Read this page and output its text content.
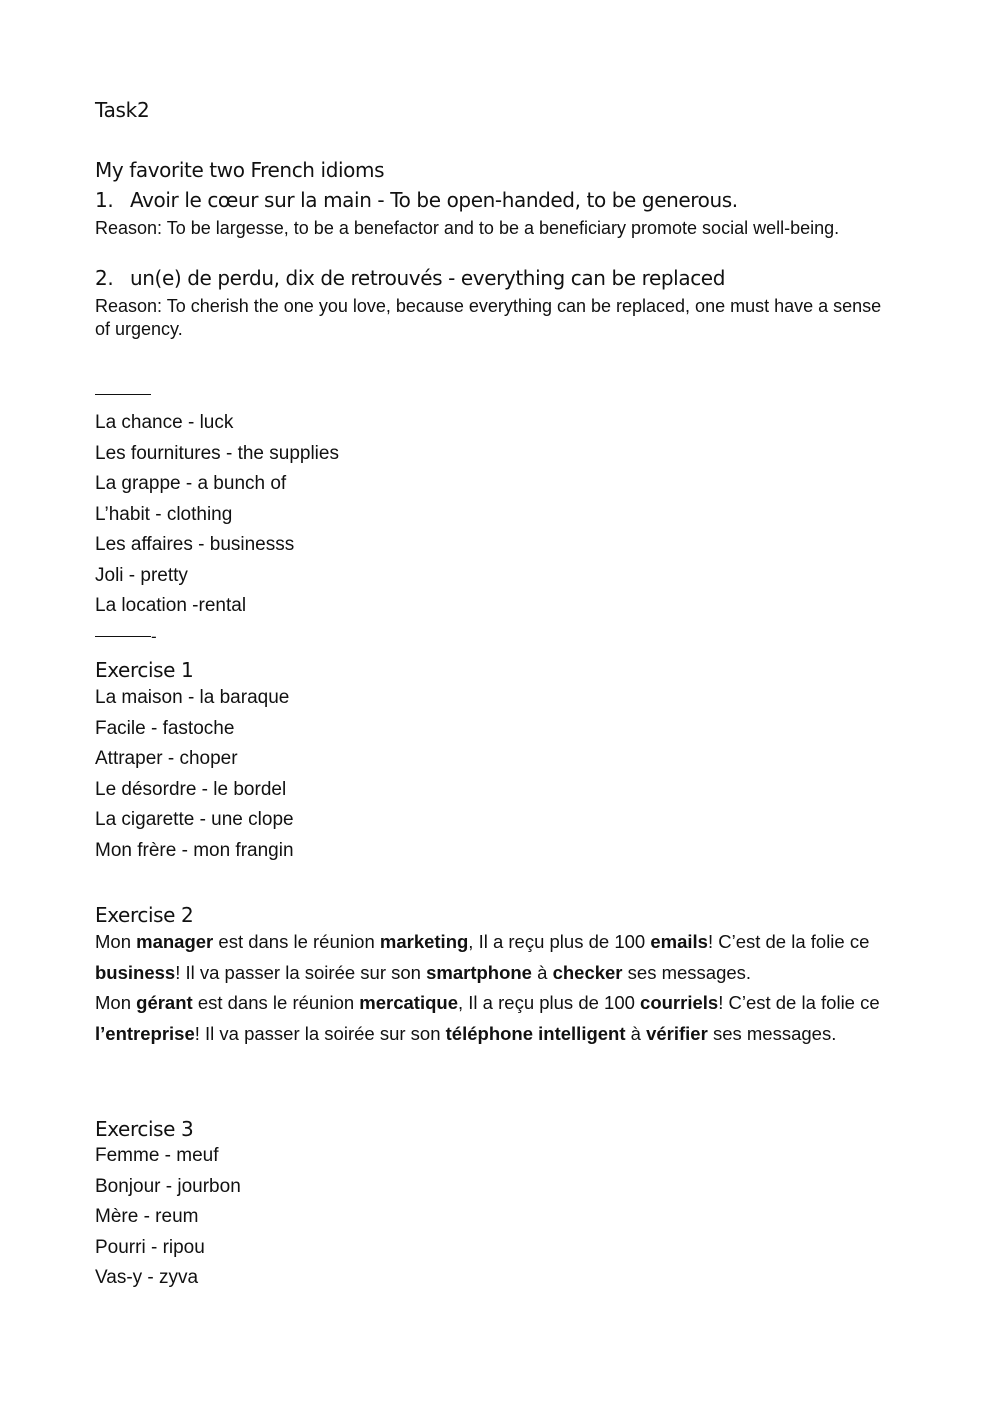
Task2
My favorite two French idioms
1. Avoir le cœur sur la main - To be open-handed, to be generous.
Reason: To be largesse, to be a benefactor and to be a beneficiary promote social well-being.
2. un(e) de perdu, dix de retrouvés - everything can be replaced
Reason: To cherish the one you love, because everything can be replaced, one must have a sense of urgency.
La chance - luck
Les fournitures - the supplies
La grappe - a bunch of
L’habit - clothing
Les affaires - businesss
Joli - pretty
La location -rental
-
Exercise 1
La maison - la baraque
Facile - fastoche
Attraper - choper
Le désordre - le bordel
La cigarette - une clope
Mon frère - mon frangin
Exercise 2
Mon manager est dans le réunion marketing, Il a reçu plus de 100 emails! C’est de la folie ce business! Il va passer la soirée sur son smartphone à checker ses messages.
Mon gérant est dans le réunion mercatique, Il a reçu plus de 100 courriels! C’est de la folie ce l’entreprise! Il va passer la soirée sur son téléphone intelligent à vérifier ses messages.
Exercise 3
Femme - meuf
Bonjour - jourbon
Mère - reum
Pourri - ripou
Vas-y - zyva
